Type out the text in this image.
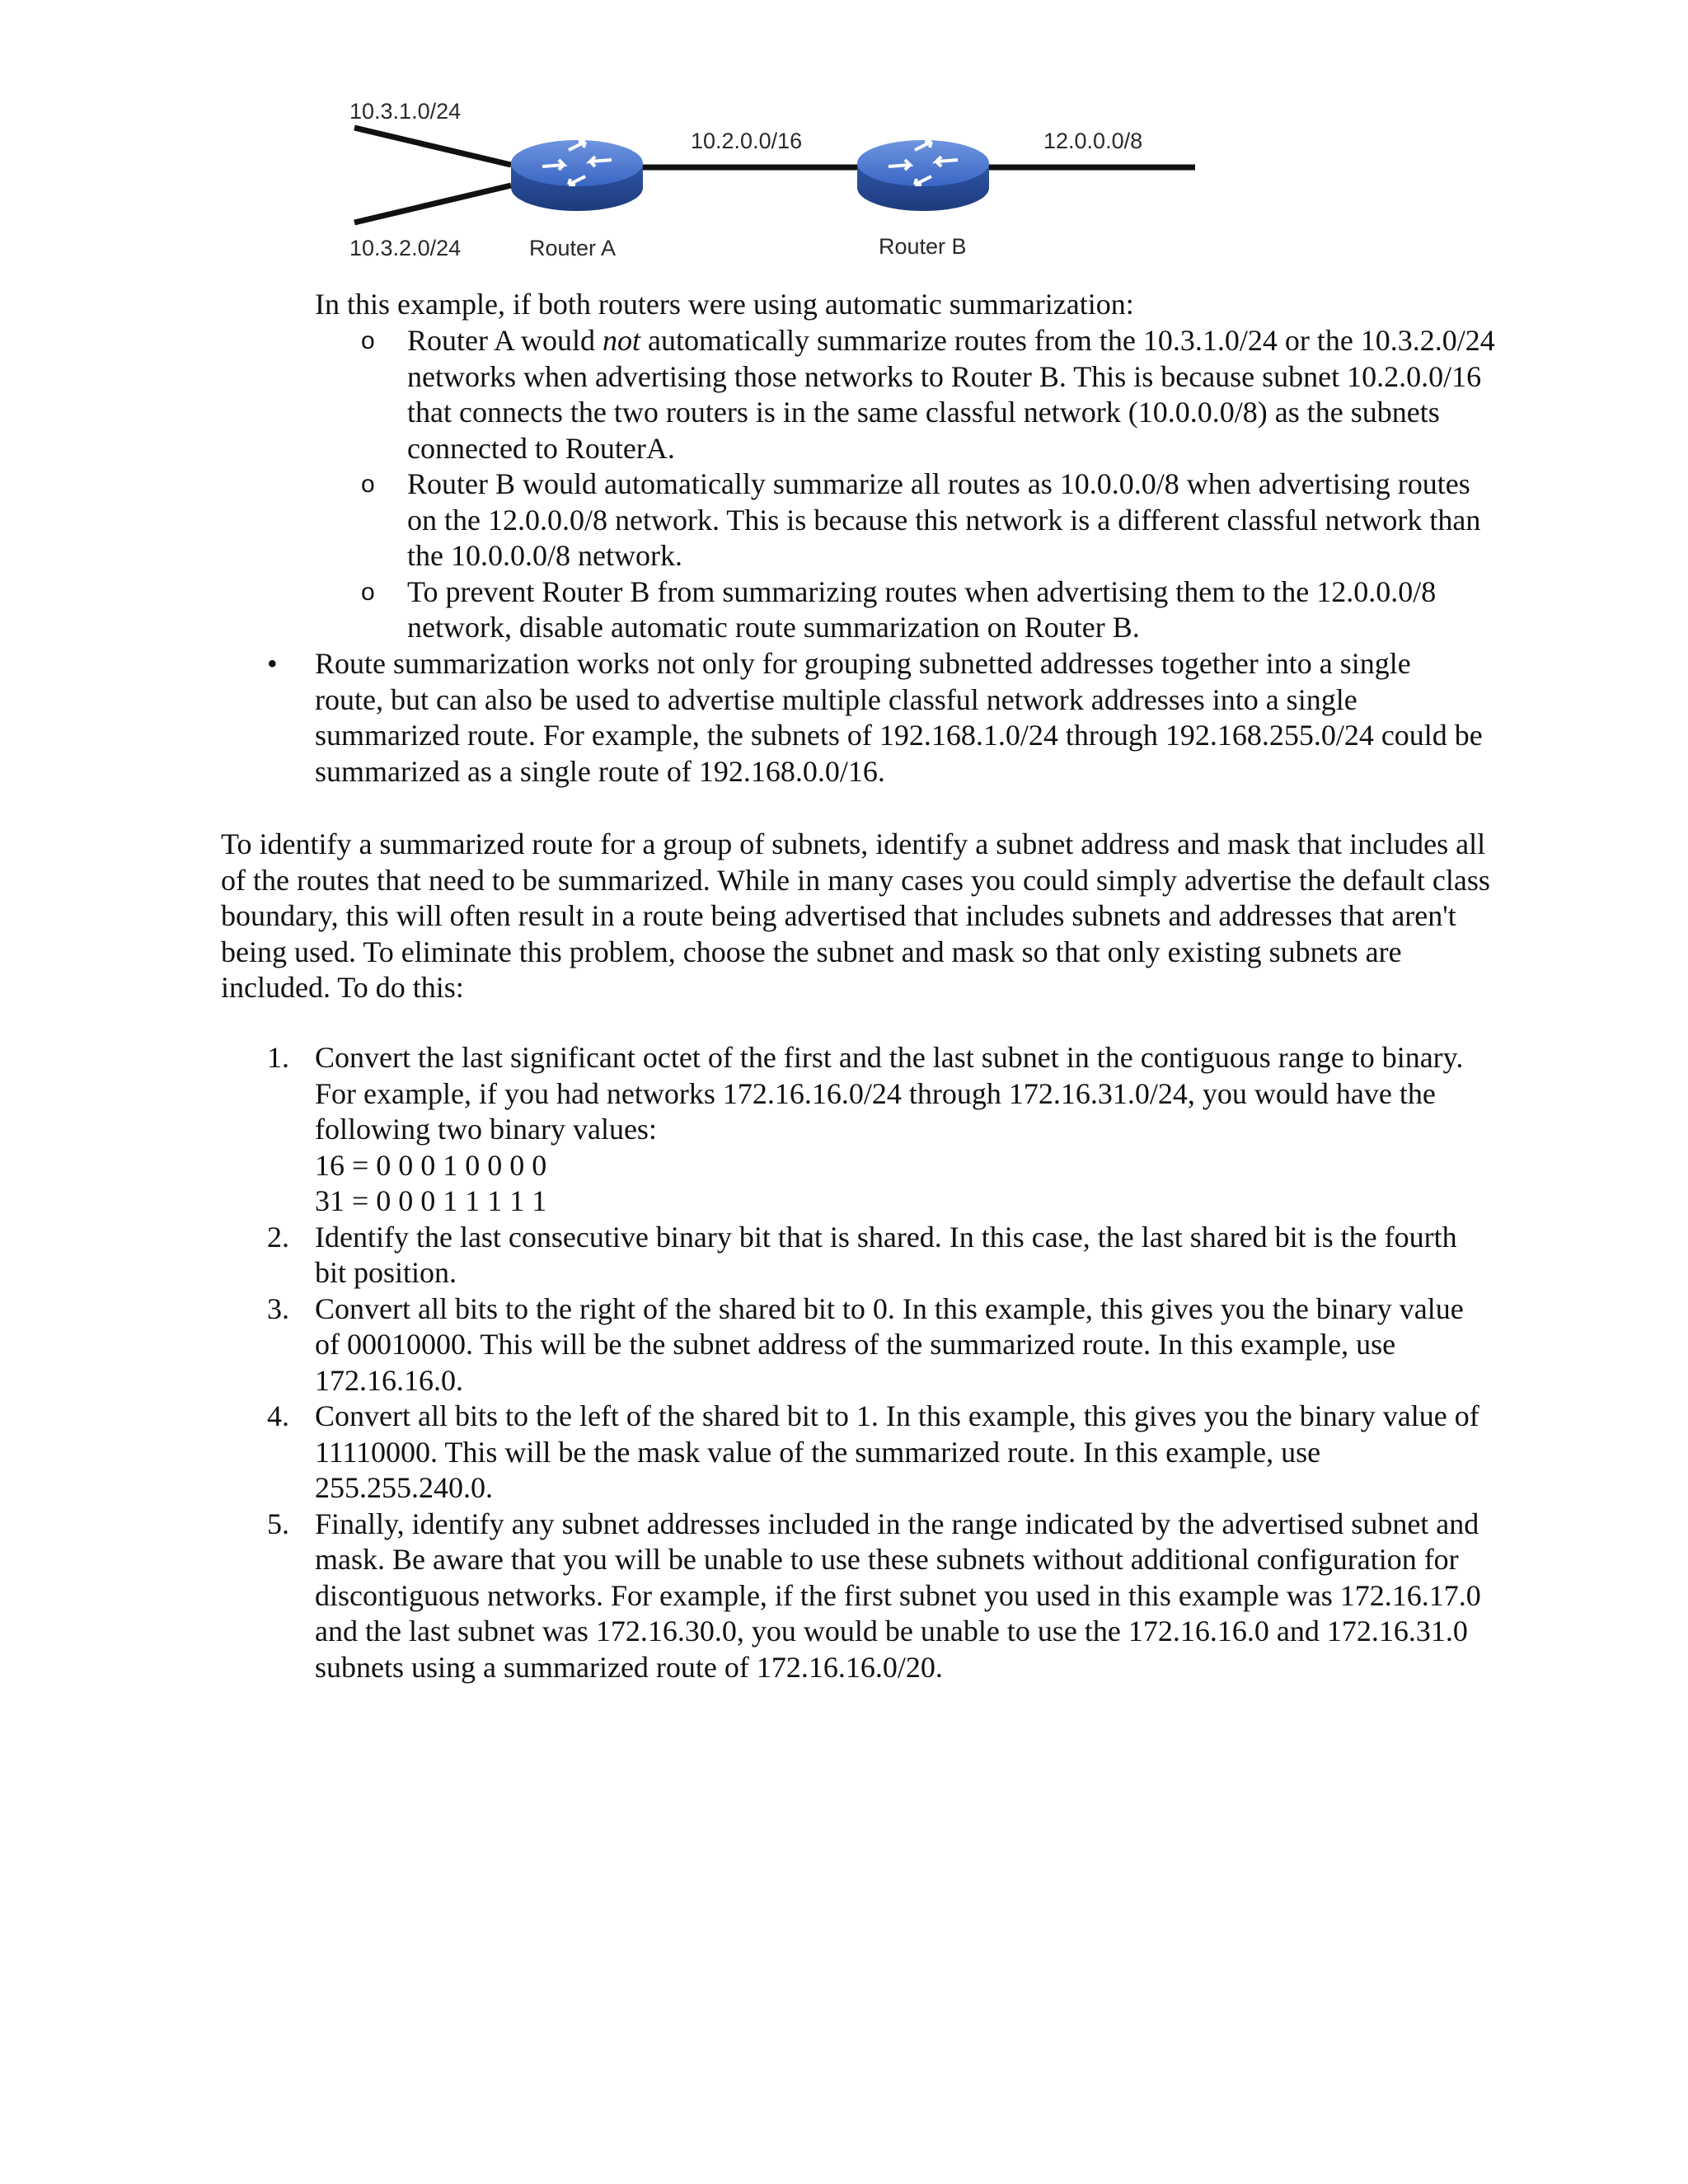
10.3.1.0/24
10.3.2.0/24
10.2.0.0/16	12.0.0.0/8
Router A	Router B

In this example, if both routers were using automatic summarization:

o Router A would not automatically summarize routes from the 10.3.1.0/24 or the 10.3.2.0/24 networks when advertising those networks to Router B. This is because subnet 10.2.0.0/16 that connects the two routers is in the same classful network (10.0.0.0/8) as the subnets connected to RouterA.
o Router B would automatically summarize all routes as 10.0.0.0/8 when advertising routes on the 12.0.0.0/8 network. This is because this network is a different classful network than the 10.0.0.0/8 network.
o To prevent Router B from summarizing routes when advertising them to the 12.0.0.0/8 network, disable automatic route summarization on Router B.
• Route summarization works not only for grouping subnetted addresses together into a single route, but can also be used to advertise multiple classful network addresses into a single summarized route. For example, the subnets of 192.168.1.0/24 through 192.168.255.0/24 could be summarized as a single route of 192.168.0.0/16.

To identify a summarized route for a group of subnets, identify a subnet address and mask that includes all of the routes that need to be summarized. While in many cases you could simply advertise the default class boundary, this will often result in a route being advertised that includes subnets and addresses that aren't being used. To eliminate this problem, choose the subnet and mask so that only existing subnets are included. To do this:

1. Convert the last significant octet of the first and the last subnet in the contiguous range to binary. For example, if you had networks 172.16.16.0/24 through 172.16.31.0/24, you would have the following two binary values:
16 = 0 0 0 1 0 0 0 0
31 = 0 0 0 1 1 1 1 1
2. Identify the last consecutive binary bit that is shared. In this case, the last shared bit is the fourth bit position.
3. Convert all bits to the right of the shared bit to 0. In this example, this gives you the binary value of 00010000. This will be the subnet address of the summarized route. In this example, use 172.16.16.0.
4. Convert all bits to the left of the shared bit to 1. In this example, this gives you the binary value of 11110000. This will be the mask value of the summarized route. In this example, use 255.255.240.0.
5. Finally, identify any subnet addresses included in the range indicated by the advertised subnet and mask. Be aware that you will be unable to use these subnets without additional configuration for discontiguous networks. For example, if the first subnet you used in this example was 172.16.17.0 and the last subnet was 172.16.30.0, you would be unable to use the 172.16.16.0 and 172.16.31.0 subnets using a summarized route of 172.16.16.0/20.
